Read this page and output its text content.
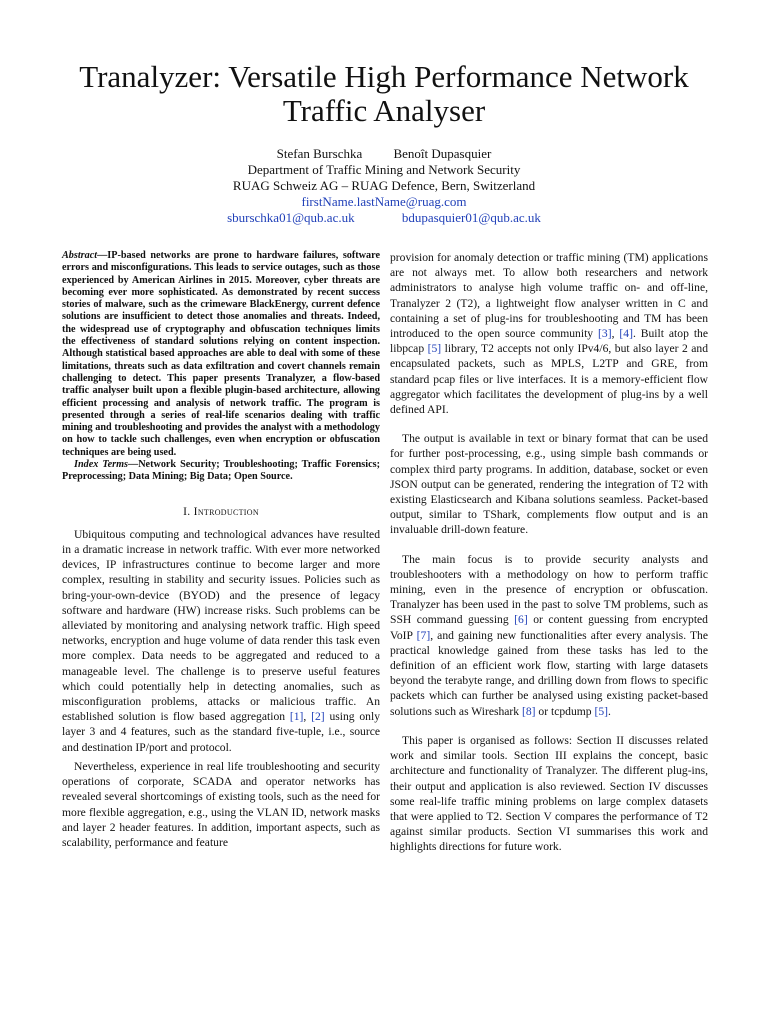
Tranalyzer: Versatile High Performance Network Traffic Analyser
Stefan Burschka Benoît Dupasquier
Department of Traffic Mining and Network Security
RUAG Schweiz AG – RUAG Defence, Bern, Switzerland
firstName.lastName@ruag.com
sburschka01@qub.ac.uk	bdupasquier01@qub.ac.uk

Abstract—IP-based networks are prone to hardware failures, software errors and misconfigurations. This leads to service outages, such as those experienced by American Airlines in 2015. Moreover, cyber threats are becoming ever more sophisticated. As demonstrated by recent success stories of malware, such as the crimeware BlackEnergy, current defence solutions are insufficient to detect those anomalies and threats. Indeed, the widespread use of cryptography and obfuscation techniques limits the effectiveness of standard solutions relying on content inspection. Although statistical based approaches are able to deal with some of these limitations, threats such as data exfiltration and covert channels remain challenging to detect. This paper presents Tranalyzer, a flow-based traffic analyser built upon a flexible plugin-based architecture, allowing efficient processing and analysis of network traffic. The program is presented through a series of real-life scenarios dealing with traffic mining and troubleshooting and provides the analyst with a methodology on how to tackle such challenges, even when encryption or obfuscation techniques are being used.

Index Terms—Network Security; Troubleshooting; Traffic Forensics; Preprocessing; Data Mining; Big Data; Open Source.

I. Introduction

Ubiquitous computing and technological advances have resulted in a dramatic increase in network traffic. With ever more networked devices, IP infrastructures continue to become larger and more complex, resulting in stability and security issues. Policies such as bring-your-own-device (BYOD) and the presence of legacy software and hardware (HW) increase risks. Such problems can be alleviated by monitoring and analysing network traffic. High speed networks, encryption and huge volume of data render this task even more complex. Data needs to be aggregated and reduced to a manageable level. The challenge is to preserve useful features which could potentially help in detecting anomalies, such as misconfiguration problems, attacks or malicious traffic. An established solution is flow based aggregation [1], [2] using only layer 3 and 4 features, such as the standard five-tuple, i.e., source and destination IP/port and protocol.

Nevertheless, experience in real life troubleshooting and security operations of corporate, SCADA and operator networks has revealed several shortcomings of existing tools, such as the need for more flexible aggregation, e.g., using the VLAN ID, network masks and layer 2 header features. In addition, important aspects, such as scalability, performance and feature

provision for anomaly detection or traffic mining (TM) applications are not always met. To allow both researchers and network administrators to analyse high volume traffic on- and off-line, Tranalyzer 2 (T2), a lightweight flow analyser written in C and containing a set of plug-ins for troubleshooting and TM has been introduced to the open source community [3], [4]. Built atop the libpcap [5] library, T2 accepts not only IPv4/6, but also layer 2 and encapsulated packets, such as MPLS, L2TP and GRE, from standard pcap files or live interfaces. It is a memory-efficient flow aggregator which facilitates the development of plug-ins by a well defined API.

The output is available in text or binary format that can be used for further post-processing, e.g., using simple bash commands or complex third party programs. In addition, database, socket or even JSON output can be generated, rendering the integration of T2 with existing Elasticsearch and Kibana solutions seamless. Packet-based output, similar to TShark, complements flow output and is an invaluable drill-down feature.

The main focus is to provide security analysts and troubleshooters with a methodology on how to perform traffic mining, even in the presence of encryption or obfuscation. Tranalyzer has been used in the past to solve TM problems, such as SSH command guessing [6] or content guessing from encrypted VoIP [7], and gaining new functionalities after every analysis. The practical knowledge gained from these tasks has led to the definition of an efficient work flow, starting with large datasets beyond the terabyte range, and drilling down from flows to specific packets which can further be analysed using existing packet-based solutions such as Wireshark [8] or tcpdump [5].

This paper is organised as follows: Section II discusses related work and similar tools. Section III explains the concept, basic architecture and functionality of Tranalyzer. The different plug-ins, their output and application is also reviewed. Section IV discusses some real-life traffic mining problems on large complex datasets that were applied to T2. Section V compares the performance of T2 against similar products. Section VI summarises this work and highlights directions for future work.
